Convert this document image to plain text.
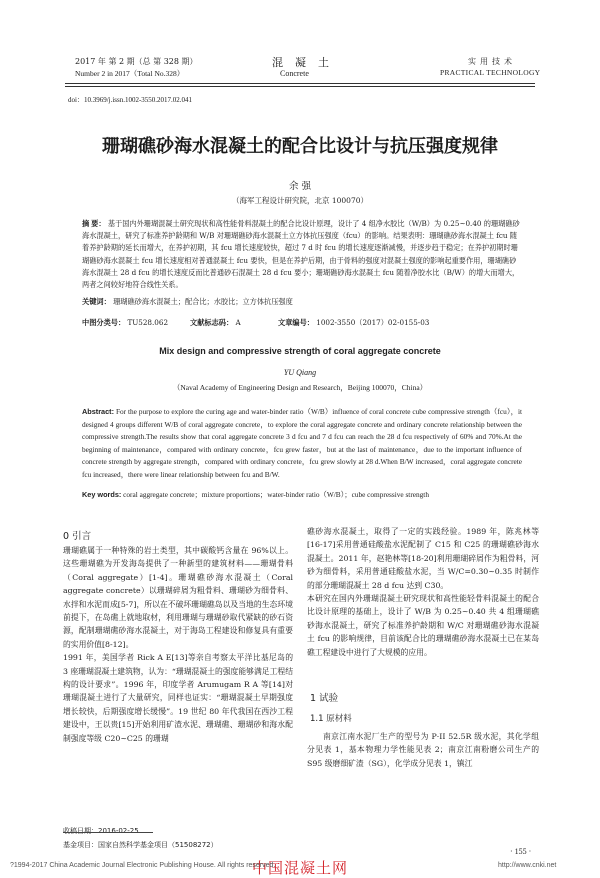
2017 年 第 2 期（总 第 328 期）
Number 2 in 2017（Total No.328）
混凝土
Concrete
实用技术
PRACTICAL TECHNOLOGY
doi：10.3969/j.issn.1002-3550.2017.02.041
珊瑚礁砂海水混凝土的配合比设计与抗压强度规律
余 强
（海军工程设计研究院，北京 100070）
摘 要： 基于国内外珊瑚混凝土研究现状和高性能骨料混凝土的配合比设计原理，设计了 4 组净水胶比（W/B）为 0.25~0.40 的珊瑚礁砂海水混凝土，研究了标准养护龄期和 W/B 对珊瑚礁砂海水混凝土立方体抗压强度（fcu）的影响。结果表明：珊瑚礁砂海水混凝土 fcu 随着养护龄期的延长而增大，在养护初期，其 fcu 增长速度较快，超过 7 d 时 fcu 的增长速度逐渐减慢，并逐步趋于稳定；在养护初期时珊瑚礁砂海水混凝土 fcu 增长速度相对普通混凝土 fcu 要快，但是在养护后期，由于骨料的强度对混凝土强度的影响起重要作用，珊瑚礁砂海水混凝土 28 d fcu 的增长速度反而比普通砂石混凝土 28 d fcu 要小；珊瑚礁砂海水混凝土 fcu 随着净胶水比（B/W）的增大而增大，两者之间较好地符合线性关系。
关键词： 珊瑚礁砂海水混凝土；配合比；水胶比；立方体抗压强度
中图分类号： TU528.062	文献标志码： A	文章编号： 1002-3550（2017）02-0155-03
Mix design and compressive strength of coral aggregate concrete
YU Qiang
（Naval Academy of Engineering Design and Research，Beijing 100070，China）
Abstract: For the purpose to explore the curing age and water-binder ratio（W/B）influence of coral concrete cube compressive strength（fcu），it designed 4 groups different W/B of coral aggregate concrete，to explore the coral aggregate concrete and ordinary concrete relationship between the compressive strength.The results show that coral aggregate concrete 3 d fcu and 7 d fcu can reach the 28 d fcu respectively of 60% and 70%.At the beginning of maintenance，compared with ordinary concrete，fcu grew faster，but at the last of maintenance，due to the important influence of concrete strength by aggregate strength，compared with ordinary concrete，fcu grew slowly at 28 d.When B/W increased，coral aggregate concrete fcu increased，there were linear relationship between fcu and B/W.
Key words: coral aggregate concrete；mixture proportions；water-binder ratio（W/B）；cube compressive strength
0 引言
珊瑚礁属于一种特殊的岩土类型，其中碳酸钙含量在 96%以上。这些珊瑚礁为开发海岛提供了一种新型的建筑材料——珊瑚骨料（Coral aggregate）[1-4]。珊瑚礁砂海水混凝土（Coral aggregate concrete）以珊瑚碎屑为粗骨料、珊瑚砂为细骨料、水拌和水泥而成[5-7]，所以在不破坏珊瑚礁岛以及当地的生态环境前提下，在岛礁上就地取材，利用珊瑚与珊瑚砂取代紧缺的砂石资源，配制珊瑚礁砂海水混凝土，对于海岛工程建设和修复具有重要的实用价值[8-12]。
1991 年，美国学者 Rick A E[13]等亲自考察太平洋比基尼岛的 3 座珊瑚混凝土建筑物，认为：“珊瑚混凝土的强度能够满足工程结构的设计要求”。1996 年，印度学者 Arumugam R A 等[14]对珊瑚混凝土进行了大量研究，同样也证实：“珊瑚混凝土早期强度增长较快，后期强度增长缓慢”。19 世纪 80 年代我国在西沙工程建设中，王以贵[15]开始利用矿渣水泥、珊瑚礁、珊瑚砂和海水配制强度等级 C20~C25 的珊瑚
礁砂海水混凝土，取得了一定的实践经验。1989 年，陈兆林等[16-17]采用普通硅酸盐水泥配制了 C15 和 C25 的珊瑚礁砂海水混凝土。2011 年，赵艳林等[18-20]利用珊瑚碎屑作为粗骨料，河砂为细骨料，采用普通硅酸盐水泥，当 W/C=0.30~0.35 时制作的部分珊瑚混凝土 28 d fcu 达到 C30。
本研究在国内外珊瑚混凝土研究现状和高性能轻骨料混凝土的配合比设计原理的基础上，设计了 W/B 为 0.25~0.40 共 4 组珊瑚礁砂海水混凝土，研究了标准养护龄期和 W/C 对珊瑚礁砂海水混凝土 fcu 的影响规律，目前该配合比的珊瑚礁砂海水混凝土已在某岛礁工程建设中进行了大规模的应用。
1 试验
1.1 原材料
南京江南水泥厂生产的型号为 P·II 52.5R 级水泥，其化学组分见表 1，基本物理力学性能见表 2；南京江南粉磨公司生产的 S95 级磨细矿渣（SG），化学成分见表 1，镇江
收稿日期：2016-02-25
基金项目：国家自然科学基金项目（51508272）
· 155 ·
中国混凝土网
?1994-2017 China Academic Journal Electronic Publishing House. All rights reserved.	http://www.cnki.net
